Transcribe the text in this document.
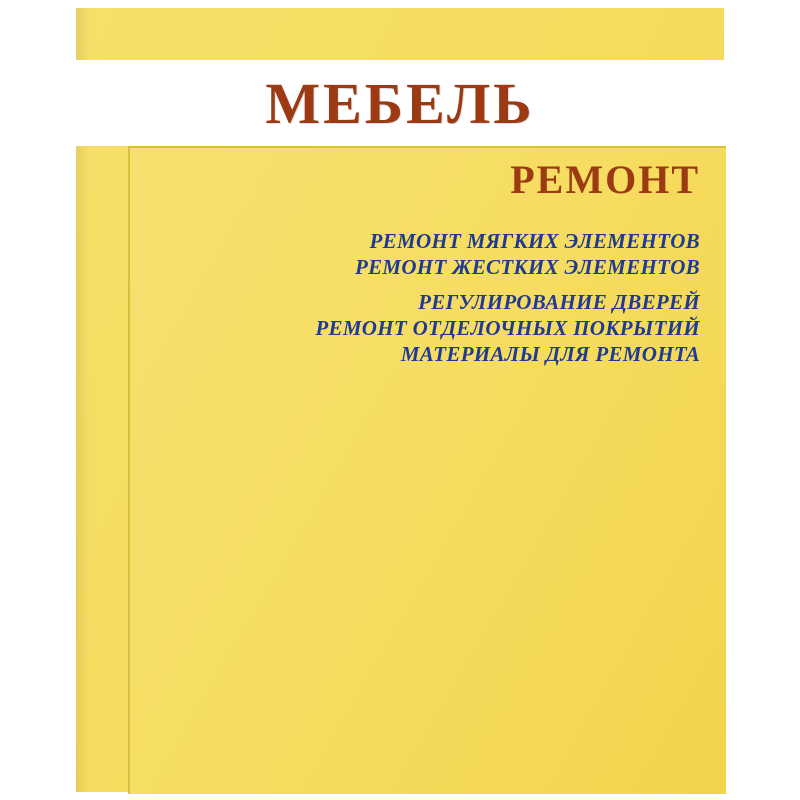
МЕБЕЛЬ
РЕМОНТ
РЕМОНТ МЯГКИХ ЭЛЕМЕНТОВ
РЕМОНТ ЖЕСТКИХ ЭЛЕМЕНТОВ
РЕГУЛИРОВАНИЕ ДВЕРЕЙ
РЕМОНТ ОТДЕЛОЧНЫХ ПОКРЫТИЙ
МАТЕРИАЛЫ ДЛЯ РЕМОНТА
